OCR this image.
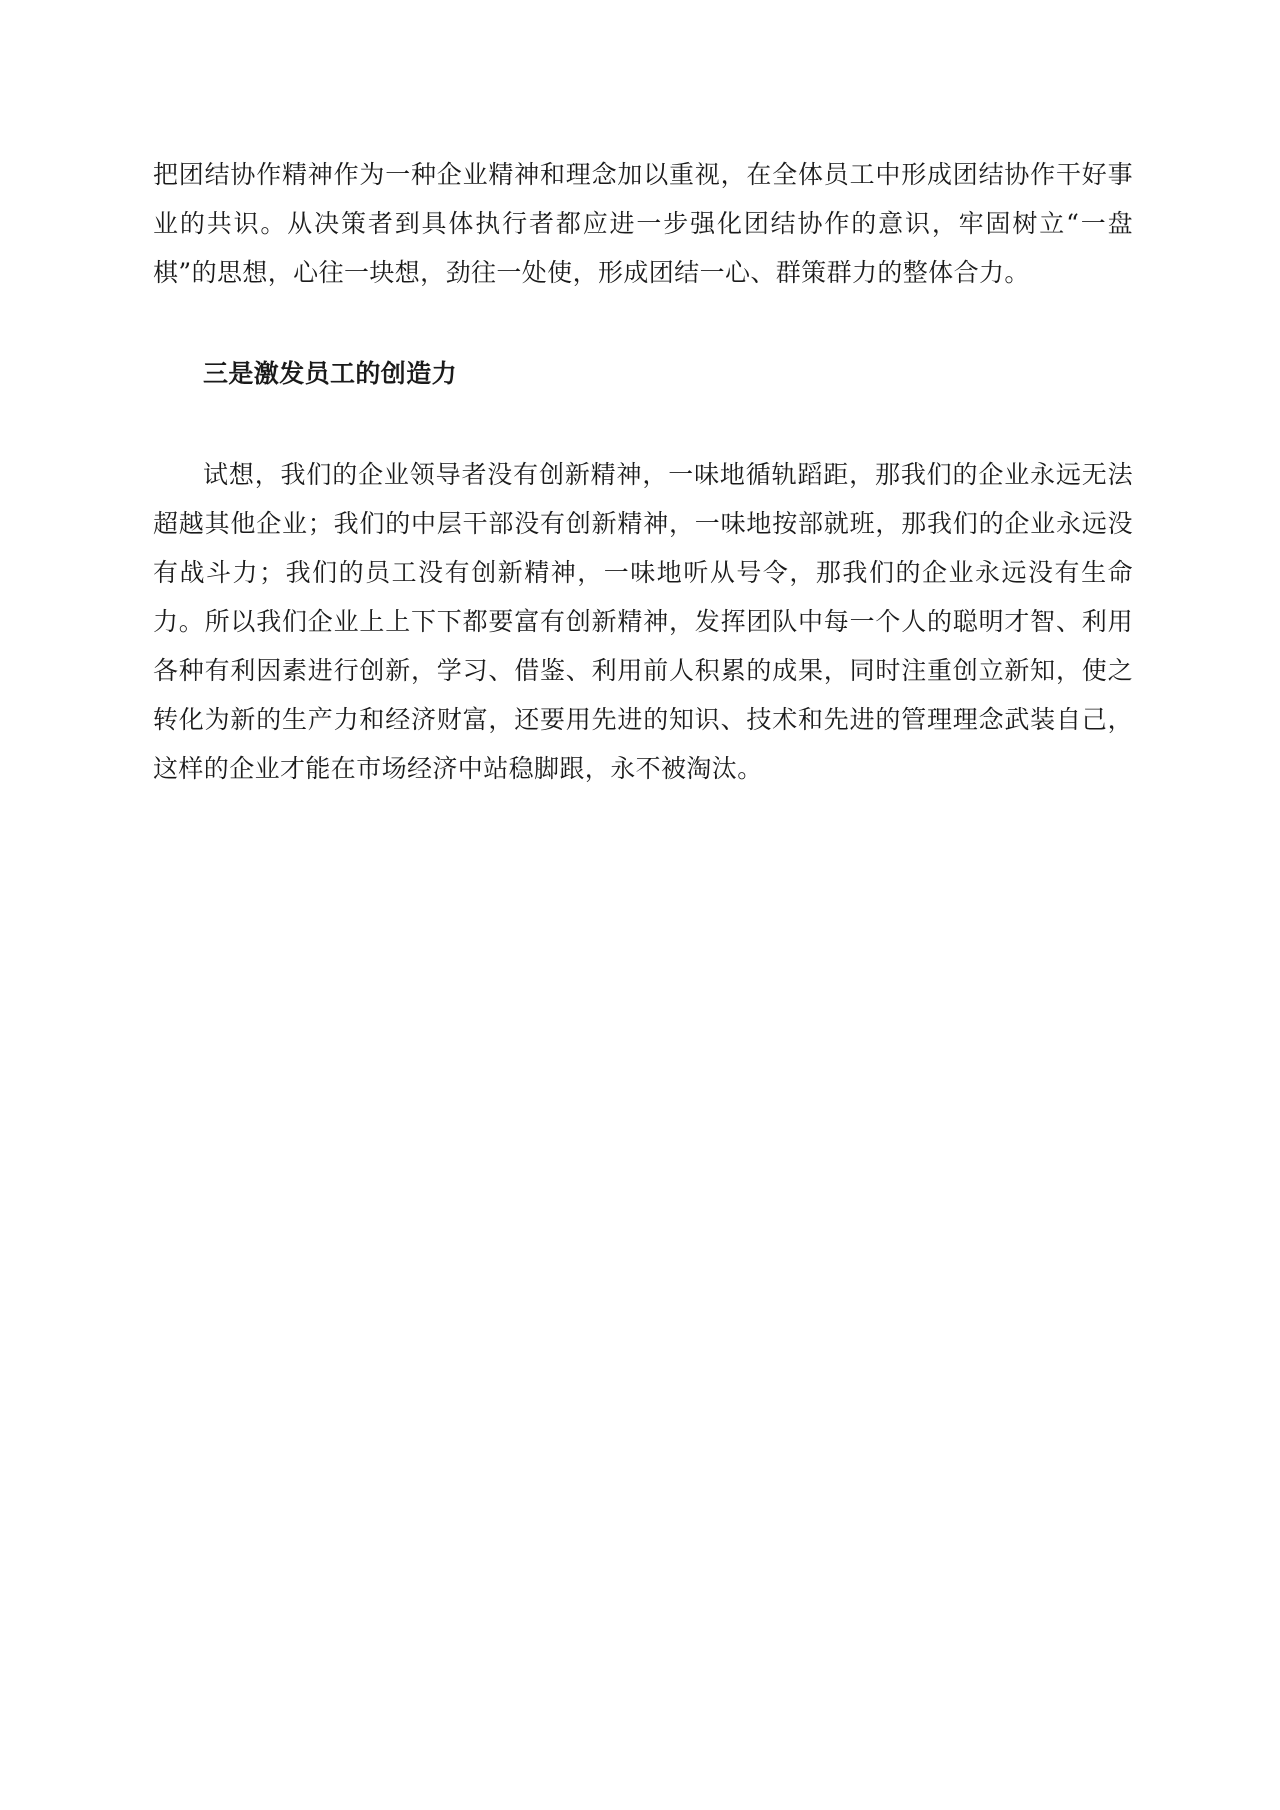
把团结协作精神作为一种企业精神和理念加以重视，在全体员工中形成团结协作干好事业的共识。从决策者到具体执行者都应进一步强化团结协作的意识，牢固树立“一盘棋”的思想，心往一块想，劲往一处使，形成团结一心、群策群力的整体合力。

三是激发员工的创造力

试想，我们的企业领导者没有创新精神，一味地循轨蹈距，那我们的企业永远无法超越其他企业；我们的中层干部没有创新精神，一味地按部就班，那我们的企业永远没有战斗力；我们的员工没有创新精神，一味地听从号令，那我们的企业永远没有生命力。所以我们企业上上下下都要富有创新精神，发挥团队中每一个人的聪明才智、利用各种有利因素进行创新，学习、借鉴、利用前人积累的成果，同时注重创立新知，使之转化为新的生产力和经济财富，还要用先进的知识、技术和先进的管理理念武装自己，这样的企业才能在市场经济中站稳脚跟，永不被淘汰。
